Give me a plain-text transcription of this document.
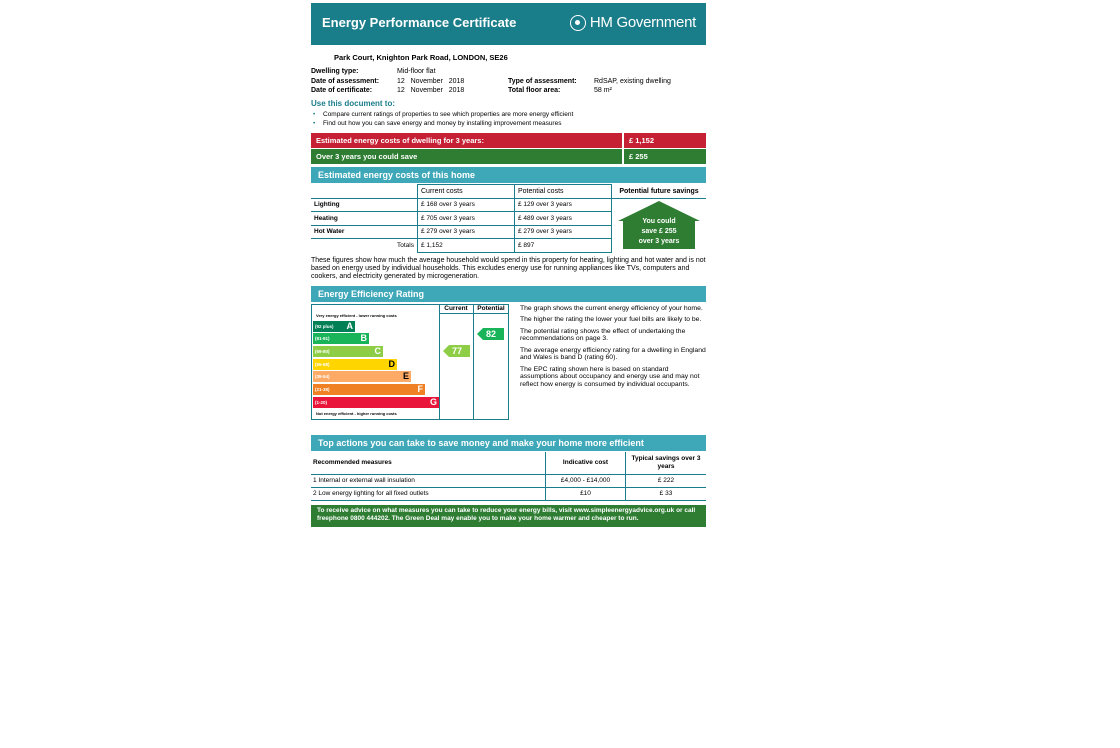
Energy Performance Certificate	HM Government
Park Court, Knighton Park Road, LONDON, SE26
Dwelling type:	Mid-floor flat
Date of assessment:	12   November   2018	Type of assessment:	RdSAP, existing dwelling
Date of certificate:	12   November   2018	Total floor area:	58 m²
Use this document to:
• Compare current ratings of properties to see which properties are more energy efficient
• Find out how you can save energy and money by installing improvement measures
Estimated energy costs of dwelling for 3 years:	£ 1,152
Over 3 years you could save	£ 255
Estimated energy costs of this home
	Current costs	Potential costs	Potential future savings
Lighting	£ 168 over 3 years	£ 129 over 3 years	You could
save £ 255
over 3 years

Heating	£ 705 over 3 years	£ 489 over 3 years	
Hot Water	£ 279 over 3 years	£ 279 over 3 years	
Totals	£ 1,152	£ 897	
These figures show how much the average household would spend in this property for heating, lighting and hot water and is not based on energy used by individual households. This excludes energy use for running appliances like TVs, computers and cookers, and electricity generated by microgeneration.
Energy Efficiency Rating
Current	Potential
Very energy efficient - lower running costs
(92 plus) A
(81-91)	B
(69-80)	C
(55-68)	D
(39-54)	E
(21-38)	F
(1-20)	G
Not energy efficient - higher running costs
77
82

The graph shows the current energy efficiency of your home.

The higher the rating the lower your fuel bills are likely to be.

The potential rating shows the effect of undertaking the recommendations on page 3.

The average energy efficiency rating for a dwelling in England and Wales is band D (rating 60).

The EPC rating shown here is based on standard assumptions about occupancy and energy use and may not reflect how energy is consumed by individual occupants.

Top actions you can take to save money and make your home more efficient
Recommended measures	Indicative cost	Typical savings over 3 years
1 Internal or external wall insulation	£4,000 - £14,000	£ 222
2 Low energy lighting for all fixed outlets	£10	£ 33
To receive advice on what measures you can take to reduce your energy bills, visit www.simpleenergyadvice.org.uk or call freephone 0800 444202. The Green Deal may enable you to make your home warmer and cheaper to run.
